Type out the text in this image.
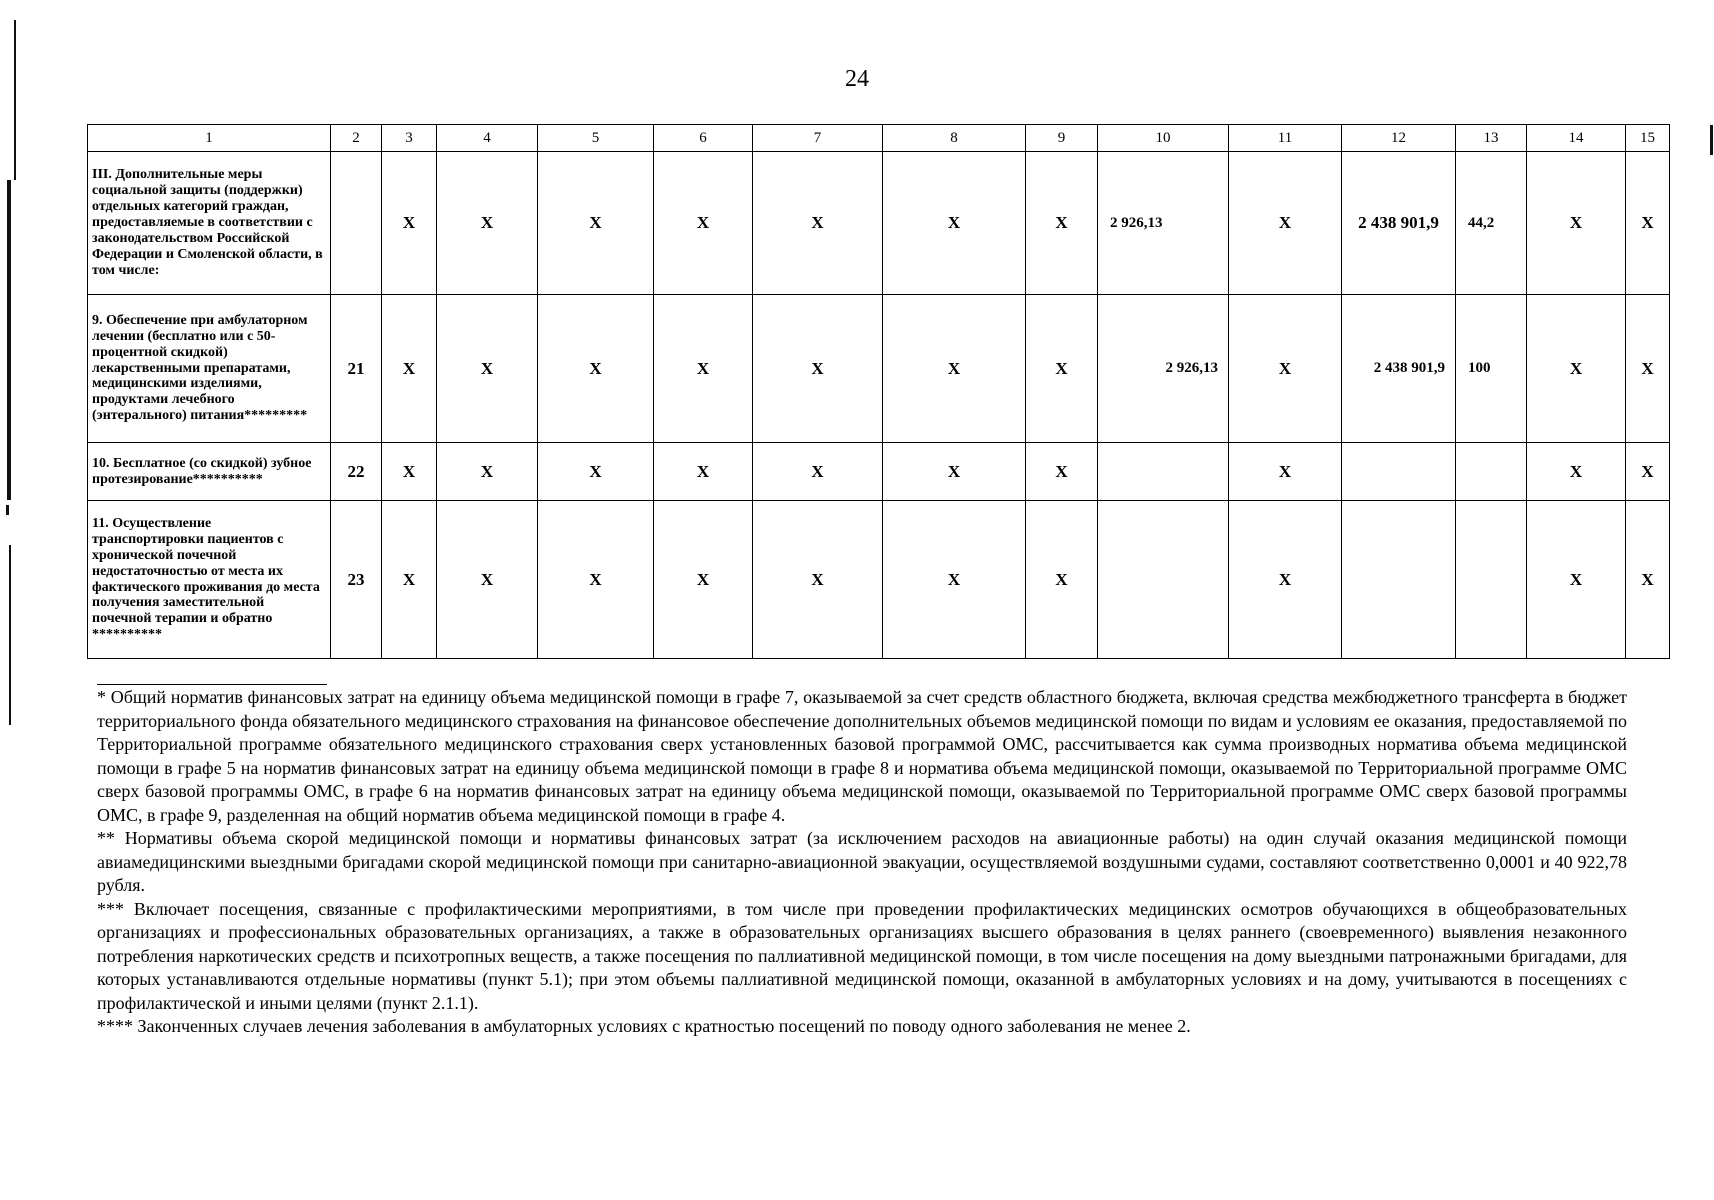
24
1	2	3	4	5	6	7	8	9	10	11	12	13	14	15
III. Дополнительные меры социальной защиты (поддержки) отдельных категорий граждан, предоставляемые в соответствии с законодательством Российской Федерации и Смоленской области, в том числе:		X	X	X	X	X	X	X	2 926,13	X	2 438 901,9	44,2	X	X
9. Обеспечение при амбулаторном лечении (бесплатно или с 50-процентной скидкой) лекарственными препаратами, медицинскими изделиями, продуктами лечебного (энтерального) питания*********	21	X	X	X	X	X	X	X	2 926,13	X	2 438 901,9	100	X	X
10. Бесплатное (со скидкой) зубное протезирование**********	22	X	X	X	X	X	X	X		X			X	X
11. Осуществление транспортировки пациентов с хронической почечной недостаточностью от места их фактического проживания до места получения заместительной почечной терапии и обратно **********	23	X	X	X	X	X	X	X		X			X	X

* Общий норматив финансовых затрат на единицу объема медицинской помощи в графе 7, оказываемой за счет средств областного бюджета, включая средства межбюджетного трансферта в бюджет территориального фонда обязательного медицинского страхования на финансовое обеспечение дополнительных объемов медицинской помощи по видам и условиям ее оказания, предоставляемой по Территориальной программе обязательного медицинского страхования сверх установленных базовой программой ОМС, рассчитывается как сумма производных норматива объема медицинской помощи в графе 5 на норматив финансовых затрат на единицу объема медицинской помощи в графе 8 и норматива объема медицинской помощи, оказываемой по Территориальной программе ОМС сверх базовой программы ОМС, в графе 6 на норматив финансовых затрат на единицу объема медицинской помощи, оказываемой по Территориальной программе ОМС сверх базовой программы ОМС, в графе 9, разделенная на общий норматив объема медицинской помощи в графе 4.

** Нормативы объема скорой медицинской помощи и нормативы финансовых затрат (за исключением расходов на авиационные работы) на один случай оказания медицинской помощи авиамедицинскими выездными бригадами скорой медицинской помощи при санитарно-авиационной эвакуации, осуществляемой воздушными судами, составляют соответственно 0,0001 и 40 922,78 рубля.

*** Включает посещения, связанные с профилактическими мероприятиями, в том числе при проведении профилактических медицинских осмотров обучающихся в общеобразовательных организациях и профессиональных образовательных организациях, а также в образовательных организациях высшего образования в целях раннего (своевременного) выявления незаконного потребления наркотических средств и психотропных веществ, а также посещения по паллиативной медицинской помощи, в том числе посещения на дому выездными патронажными бригадами, для которых устанавливаются отдельные нормативы (пункт 5.1); при этом объемы паллиативной медицинской помощи, оказанной в амбулаторных условиях и на дому, учитываются в посещениях с профилактической и иными целями (пункт 2.1.1).

**** Законченных случаев лечения заболевания в амбулаторных условиях с кратностью посещений по поводу одного заболевания не менее 2.
